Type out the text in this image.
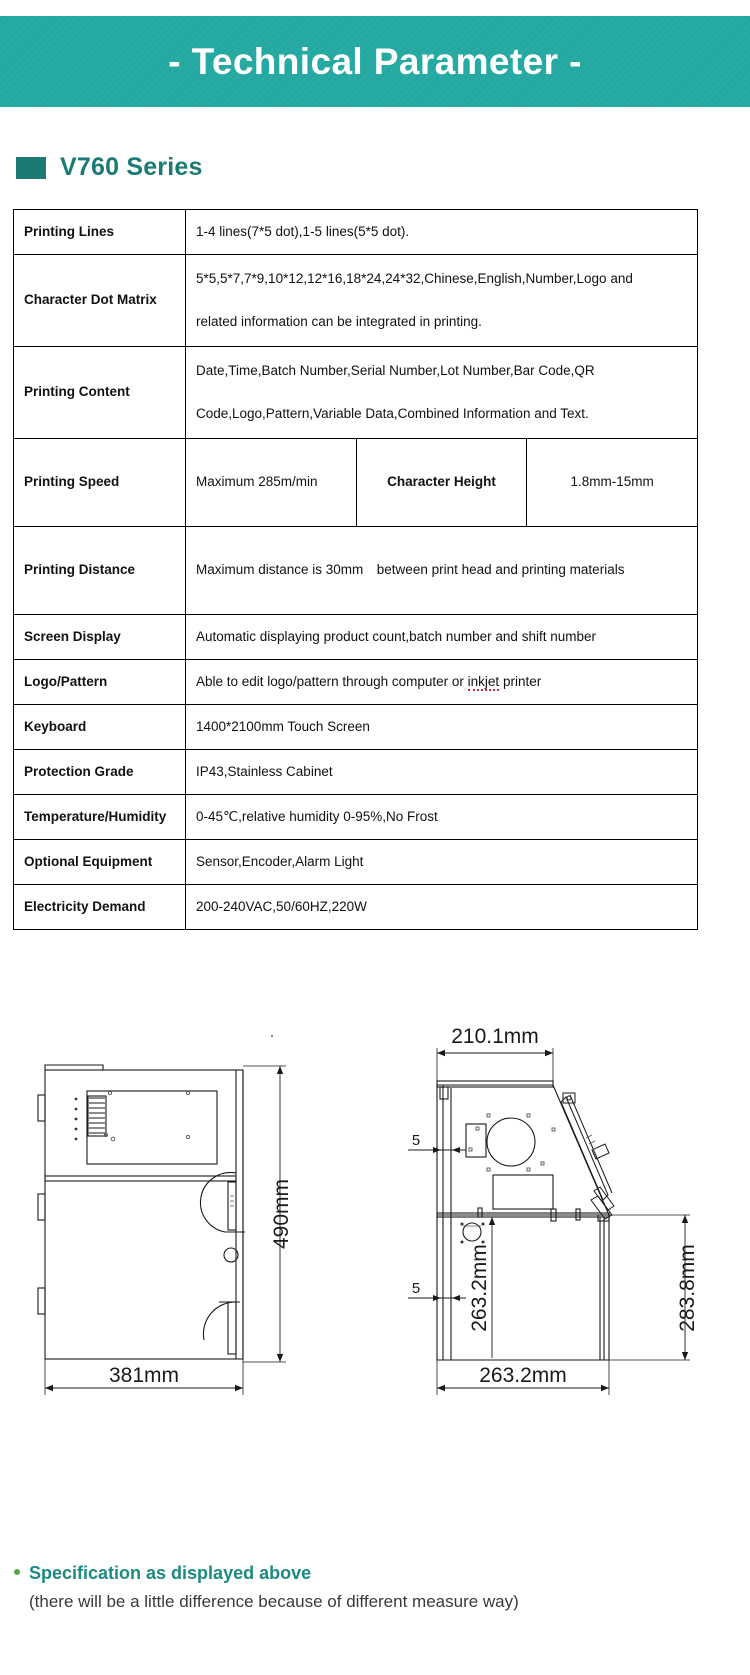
- Technical Parameter -
V760 Series
Printing Lines	1-4 lines(7*5 dot),1-5 lines(5*5 dot).		
Character Dot Matrix	5*5,5*7,7*9,10*12,12*16,18*24,24*32,Chinese,English,Number,Logo and
related information can be integrated in printing.		

Printing Content	Date,Time,Batch Number,Serial Number,Lot Number,Bar Code,QR
Code,Logo,Pattern,Variable Data,Combined Information and Text.		

Printing Speed	Maximum 285m/min	Character Height	1.8mm-15mm
Printing Distance	Maximum distance is 30mm between print head and printing materials		
Screen Display	Automatic displaying product count,batch number and shift number		
Logo/Pattern	Able to edit logo/pattern through computer or inkjet printer		
Keyboard	1400*2100mm Touch Screen		
Protection Grade	IP43,Stainless Cabinet		
Temperature/Humidity	0-45℃,relative humidity 0-95%,No Frost		
Optional Equipment	Sensor,Encoder,Alarm Light		
Electricity Demand	200-240VAC,50/60HZ,220W		
490mm
381mm
210.1mm
5
5 263.2mm	283.8mm
263.2mm
Specification as displayed above
(there will be a little difference because of different measure way)
